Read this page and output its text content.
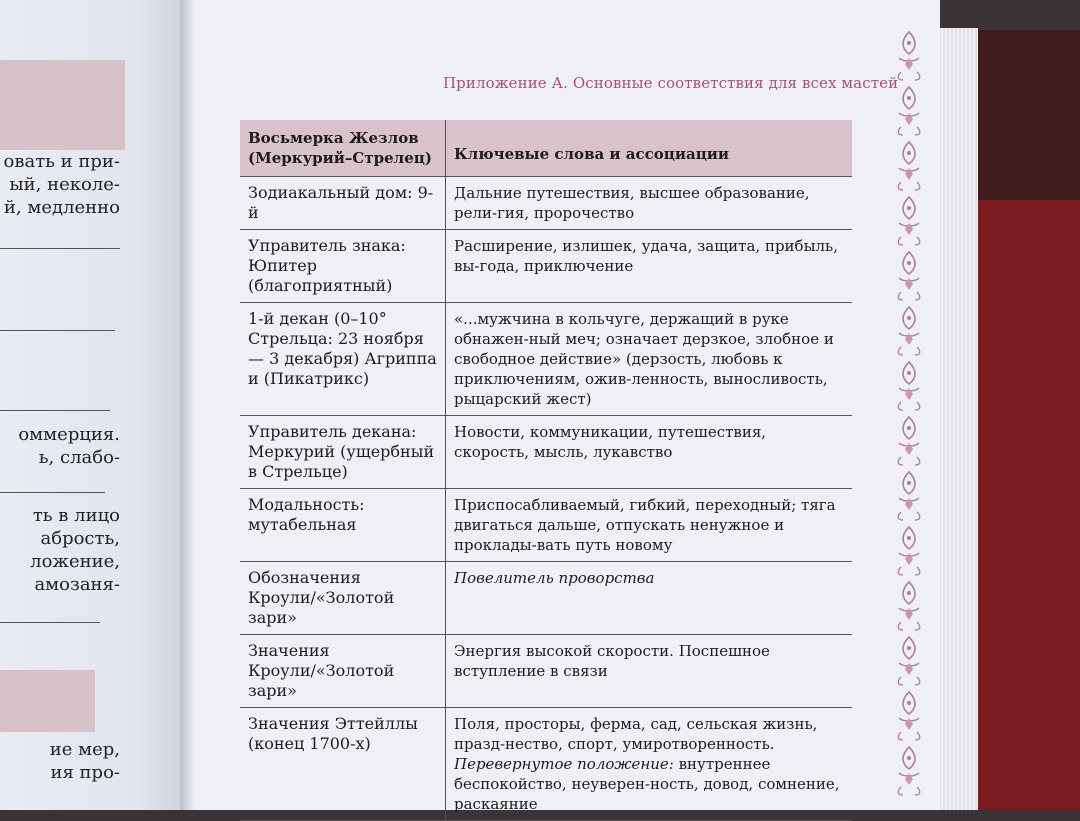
овать и при-
ый, неколе-
й, медленно
оммерция.
ь, слабо-
ть в лицо
абрость,
ложение,
амозаня-
ие мер,
ия про-
Приложение А. Основные соответствия для всех мастей
Восьмерка Жезлов (Меркурий–Стрелец)	Ключевые слова и ассоциации
Зодиакальный дом: 9-й	Дальние путешествия, высшее образование, рели-гия, пророчество
Управитель знака: Юпитер (благоприятный)	Расширение, излишек, удача, защита, прибыль, вы-года, приключение
1-й декан (0–10° Стрельца: 23 ноября — 3 декабря) Агриппа и (Пикатрикс)	«...мужчина в кольчуге, держащий в руке обнажен-ный меч; означает дерзкое, злобное и свободное действие» (дерзость, любовь к приключениям, ожив-ленность, выносливость, рыцарский жест)
Управитель декана: Меркурий (ущербный в Стрельце)	Новости, коммуникации, путешествия, скорость, мысль, лукавство
Модальность: мутабельная	Приспосабливаемый, гибкий, переходный; тяга двигаться дальше, отпускать ненужное и проклады-вать путь новому
Обозначения Кроули/«Золотой зари»	Повелитель проворства
Значения Кроули/«Золотой зари»	Энергия высокой скорости. Поспешное вступление в связи
Значения Эттейллы (конец 1700-х)	Поля, просторы, ферма, сад, сельская жизнь, празд-нество, спорт, умиротворенность. Перевернутое положение: внутреннее беспокойство, неуверен-ность, довод, сомнение, раскаяние
